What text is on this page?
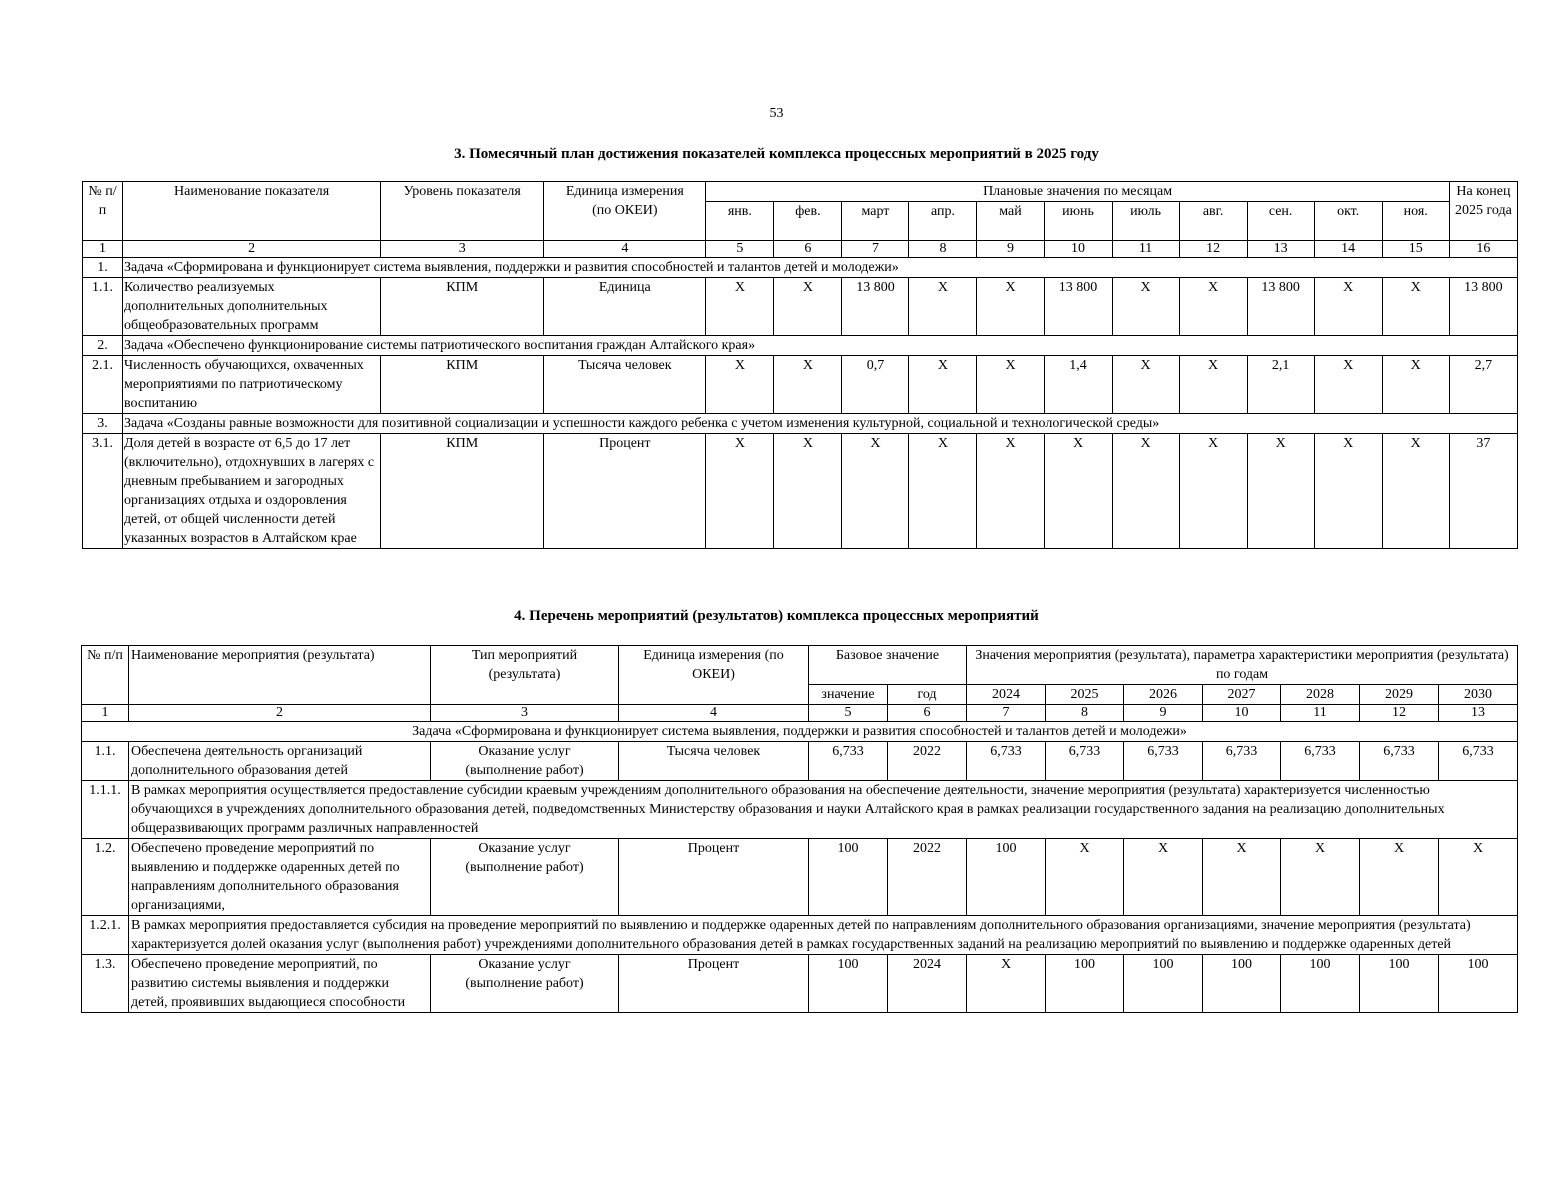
53
3. Помесячный план достижения показателей комплекса процессных мероприятий в 2025 году
№ п/п	Наименование показателя	Уровень показателя	Единица измерения (по ОКЕИ)	Плановые значения по месяцам											На конец 2025 года
				янв.	фев.	март	апр.	май	июнь	июль	авг.	сен.	окт.	ноя.	
1	2	3	4	5	6	7	8	9	10	11	12	13	14	15	16
1.	Задача «Сформирована и функционирует система выявления, поддержки и развития способностей и талантов детей и молодежи»														
1.1.	Количество реализуемых дополнительных дополнительных общеобразовательных программ	КПМ	Единица	X	X	13 800	X	X	13 800	X	X	13 800	X	X	13 800
2.	Задача «Обеспечено функционирование системы патриотического воспитания граждан Алтайского края»														
2.1.	Численность обучающихся, охваченных мероприятиями по патриотическому воспитанию	КПМ	Тысяча человек	X	X	0,7	X	X	1,4	X	X	2,1	X	X	2,7
3.	Задача «Созданы равные возможности для позитивной социализации и успешности каждого ребенка с учетом изменения культурной, социальной и технологической среды»														
3.1.	Доля детей в возрасте от 6,5 до 17 лет (включительно), отдохнувших в лагерях с дневным пребыванием и загородных организациях отдыха и оздоровления детей, от общей численности детей указанных возрастов в Алтайском крае	КПМ	Процент	X	X	X	X	X	X	X	X	X	X	X	37
4. Перечень мероприятий (результатов) комплекса процессных мероприятий
№ п/п	Наименование мероприятия (результата)	Тип мероприятий (результата)	Единица измерения (по ОКЕИ)	Базовое значение		Значения мероприятия (результата), параметра характеристики мероприятия (результата) по годам						
				значение	год	2024	2025	2026	2027	2028	2029	2030
1	2	3	4	5	6	7	8	9	10	11	12	13
Задача «Сформирована и функционирует система выявления, поддержки и развития способностей и талантов детей и молодежи»												
1.1.	Обеспечена деятельность организаций дополнительного образования детей	Оказание услуг (выполнение работ)	Тысяча человек	6,733	2022	6,733	6,733	6,733	6,733	6,733	6,733	6,733
1.1.1.	В рамках мероприятия осуществляется предоставление субсидии краевым учреждениям дополнительного образования на обеспечение деятельности, значение мероприятия (результата) характеризуется численностью обучающихся в учреждениях дополнительного образования детей, подведомственных Министерству образования и науки Алтайского края в рамках реализации государственного задания на реализацию дополнительных общеразвивающих программ различных направленностей											
1.2.	Обеспечено проведение мероприятий по выявлению и поддержке одаренных детей по направлениям дополнительного образования организациями,	Оказание услуг (выполнение работ)	Процент	100	2022	100	X	X	X	X	X	X
1.2.1.	В рамках мероприятия предоставляется субсидия на проведение мероприятий по выявлению и поддержке одаренных детей по направлениям дополнительного образования организациями, значение мероприятия (результата) характеризуется долей оказания услуг (выполнения работ) учреждениями дополнительного образования детей в рамках государственных заданий на реализацию мероприятий по выявлению и поддержке одаренных детей											
1.3.	Обеспечено проведение мероприятий, по развитию системы выявления и поддержки детей, проявивших выдающиеся способности	Оказание услуг (выполнение работ)	Процент	100	2024	X	100	100	100	100	100	100
